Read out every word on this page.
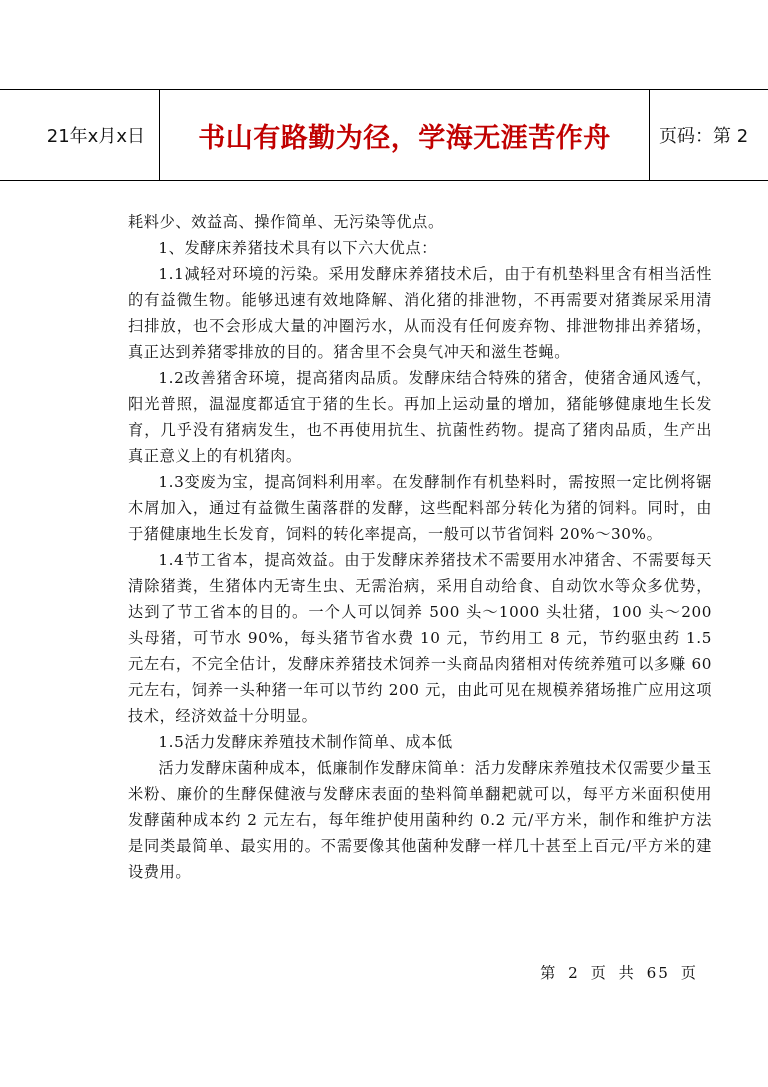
21年x月x日	书山有路勤为径，学海无涯苦作舟	页码：第 2

耗料少、效益高、操作简单、无污染等优点。

1、发酵床养猪技术具有以下六大优点：

1.1减轻对环境的污染。采用发酵床养猪技术后，由于有机垫料里含有相当活性的有益微生物。能够迅速有效地降解、消化猪的排泄物，不再需要对猪粪尿采用清扫排放，也不会形成大量的冲圈污水，从而没有任何废弃物、排泄物排出养猪场，真正达到养猪零排放的目的。猪舍里不会臭气冲天和滋生苍蝇。

1.2改善猪舍环境，提高猪肉品质。发酵床结合特殊的猪舍，使猪舍通风透气，阳光普照，温湿度都适宜于猪的生长。再加上运动量的增加，猪能够健康地生长发育，几乎没有猪病发生，也不再使用抗生、抗菌性药物。提高了猪肉品质，生产出真正意义上的有机猪肉。

1.3变废为宝，提高饲料利用率。在发酵制作有机垫料时，需按照一定比例将锯木屑加入，通过有益微生菌落群的发酵，这些配料部分转化为猪的饲料。同时，由于猪健康地生长发育，饲料的转化率提高，一般可以节省饲料 20%～30%。

1.4节工省本，提高效益。由于发酵床养猪技术不需要用水冲猪舍、不需要每天清除猪粪，生猪体内无寄生虫、无需治病，采用自动给食、自动饮水等众多优势，达到了节工省本的目的。一个人可以饲养 500 头～1000 头壮猪，100 头～200 头母猪，可节水 90%，每头猪节省水费 10 元，节约用工 8 元，节约驱虫药 1.5 元左右，不完全估计，发酵床养猪技术饲养一头商品肉猪相对传统养殖可以多赚 60 元左右，饲养一头种猪一年可以节约 200 元，由此可见在规模养猪场推广应用这项技术，经济效益十分明显。

1.5活力发酵床养殖技术制作简单、成本低

活力发酵床菌种成本，低廉制作发酵床简单：活力发酵床养殖技术仅需要少量玉米粉、廉价的生酵保健液与发酵床表面的垫料简单翻耙就可以，每平方米面积使用发酵菌种成本约 2 元左右，每年维护使用菌种约 0.2 元/平方米，制作和维护方法是同类最简单、最实用的。不需要像其他菌种发酵一样几十甚至上百元/平方米的建设费用。

第 2 页 共 65 页
